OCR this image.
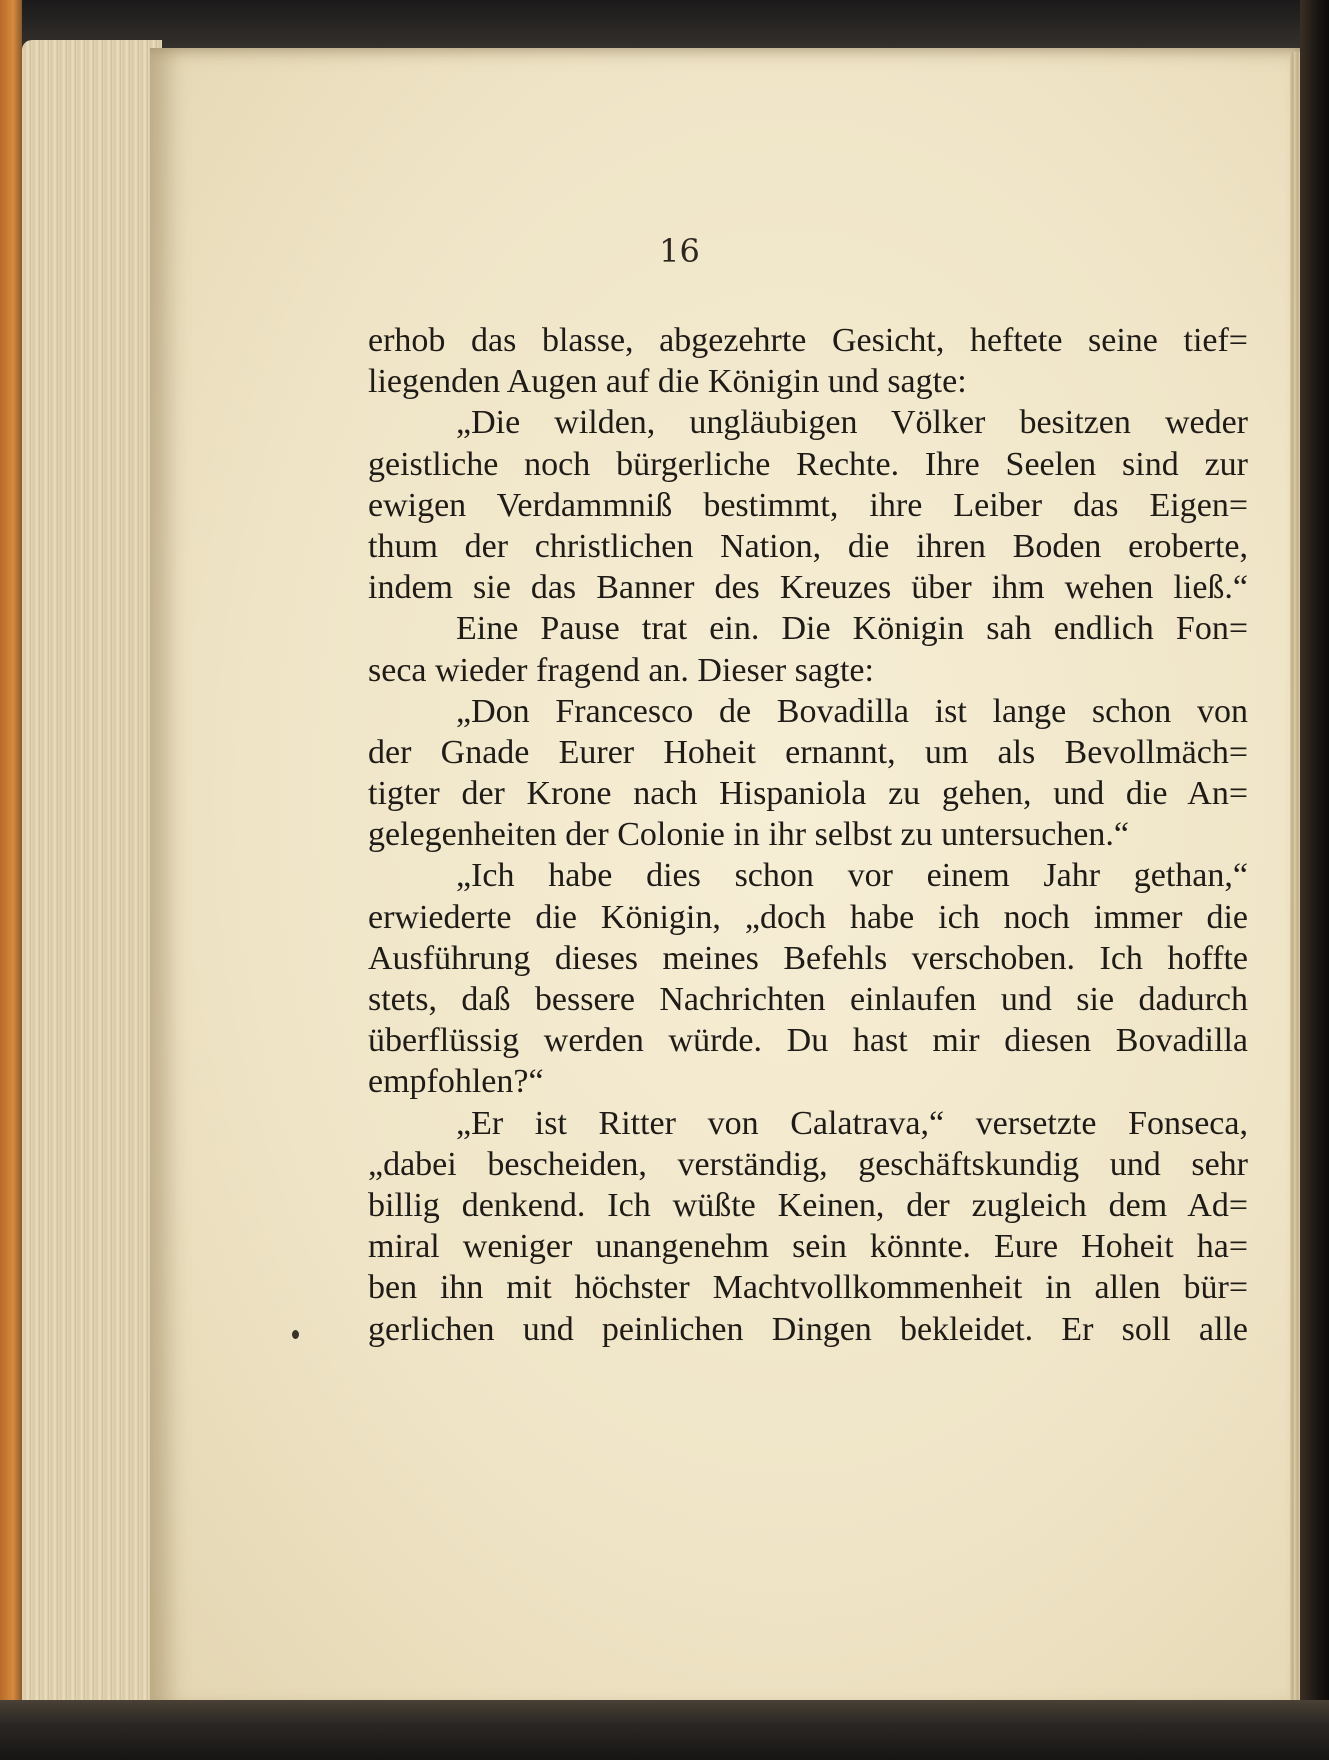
16
erhob das blasse, abgezehrte Gesicht, heftete seine tief=
liegenden Augen auf die Königin und sagte:
„Die wilden, ungläubigen Völker besitzen weder
geistliche noch bürgerliche Rechte. Ihre Seelen sind zur
ewigen Verdammniß bestimmt, ihre Leiber das Eigen=
thum der christlichen Nation, die ihren Boden eroberte,
indem sie das Banner des Kreuzes über ihm wehen ließ.“
Eine Pause trat ein. Die Königin sah endlich Fon=
seca wieder fragend an. Dieser sagte:
„Don Francesco de Bovadilla ist lange schon von
der Gnade Eurer Hoheit ernannt, um als Bevollmäch=
tigter der Krone nach Hispaniola zu gehen, und die An=
gelegenheiten der Colonie in ihr selbst zu untersuchen.“
„Ich habe dies schon vor einem Jahr gethan,“
erwiederte die Königin, „doch habe ich noch immer die
Ausführung dieses meines Befehls verschoben. Ich hoffte
stets, daß bessere Nachrichten einlaufen und sie dadurch
überflüssig werden würde. Du hast mir diesen Bovadilla
empfohlen?“
„Er ist Ritter von Calatrava,“ versetzte Fonseca,
„dabei bescheiden, verständig, geschäftskundig und sehr
billig denkend. Ich wüßte Keinen, der zugleich dem Ad=
miral weniger unangenehm sein könnte. Eure Hoheit ha=
ben ihn mit höchster Machtvollkommenheit in allen bür=
gerlichen und peinlichen Dingen bekleidet. Er soll alle
